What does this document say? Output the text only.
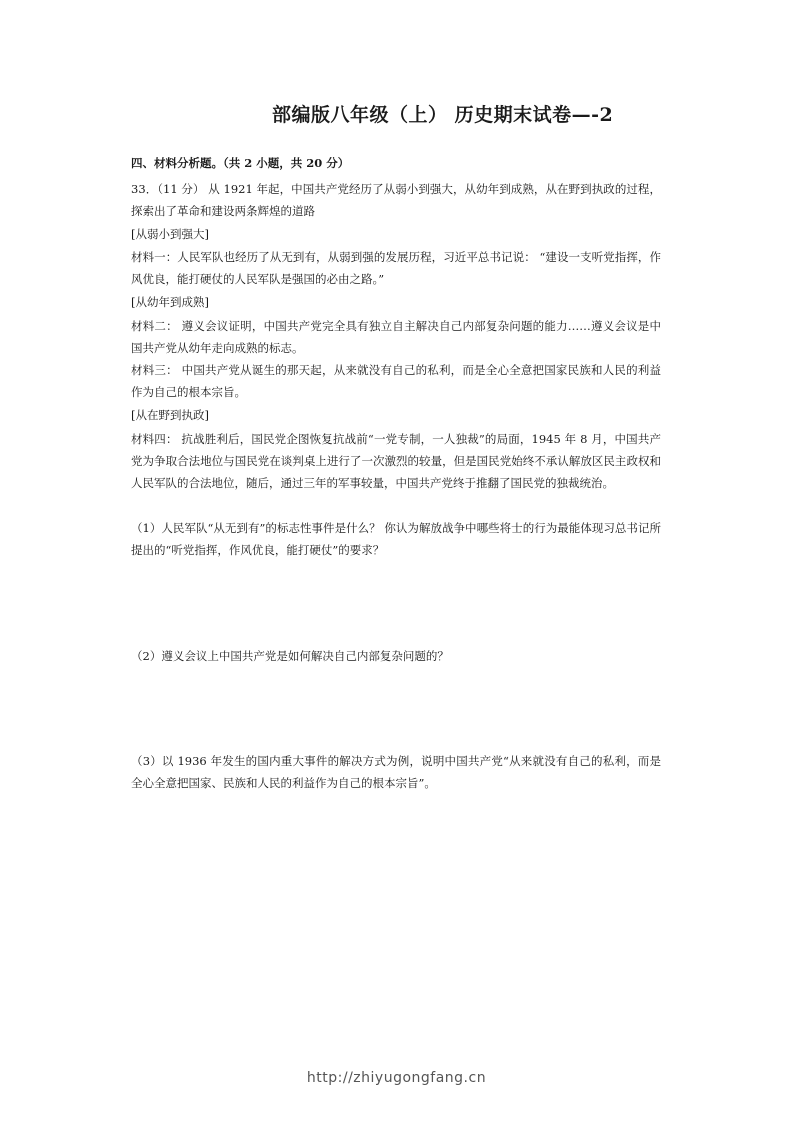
部编版八年级（上） 历史期末试卷—-2
四、材料分析题。（共 2 小题，共 20 分）

33．（11 分） 从 1921 年起，中国共产党经历了从弱小到强大，从幼年到成熟，从在野到执政的过程，探索出了革命和建设两条辉煌的道路

[从弱小到强大]

材料一：人民军队也经历了从无到有，从弱到强的发展历程，习近平总书记说： “建设一支听党指挥，作风优良，能打硬仗的人民军队是强国的必由之路。”

[从幼年到成熟]

材料二： 遵义会议证明，中国共产党完全具有独立自主解决自己内部复杂问题的能力……遵义会议是中国共产党从幼年走向成熟的标志。

材料三： 中国共产党从诞生的那天起，从来就没有自己的私利，而是全心全意把国家民族和人民的利益作为自己的根本宗旨。

[从在野到执政]

材料四： 抗战胜利后，国民党企图恢复抗战前“一党专制，一人独裁”的局面，1945 年 8 月，中国共产党为争取合法地位与国民党在谈判桌上进行了一次激烈的较量，但是国民党始终不承认解放区民主政权和人民军队的合法地位，随后，通过三年的军事较量，中国共产党终于推翻了国民党的独裁统治。

（1）人民军队“从无到有”的标志性事件是什么？ 你认为解放战争中哪些将士的行为最能体现习总书记所提出的“听党指挥，作风优良，能打硬仗”的要求？

（2）遵义会议上中国共产党是如何解决自己内部复杂问题的？

（3）以 1936 年发生的国内重大事件的解决方式为例，说明中国共产党“从来就没有自己的私利，而是全心全意把国家、民族和人民的利益作为自己的根本宗旨”。

http://zhiyugongfang.cn
